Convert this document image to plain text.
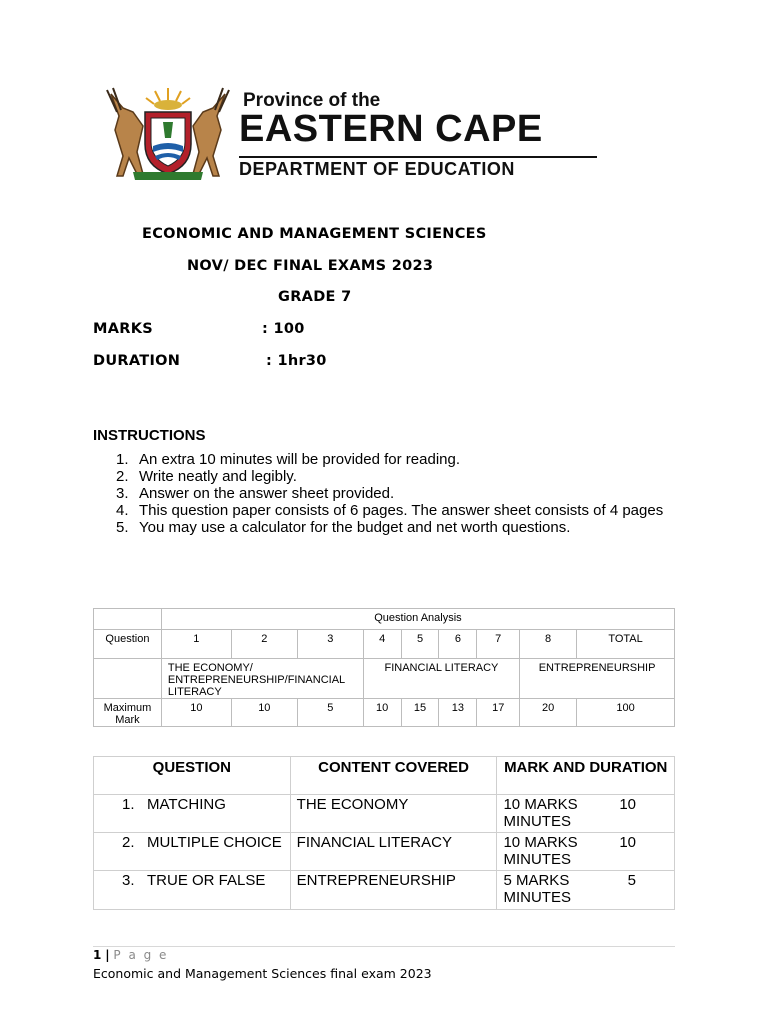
Province of the
EASTERN CAPE
DEPARTMENT OF EDUCATION
ECONOMIC AND MANAGEMENT SCIENCES
NOV/ DEC FINAL EXAMS 2023
GRADE 7
MARKS	: 100
DURATION	: 1hr30
INSTRUCTIONS
1. An extra 10 minutes will be provided for reading.
2. Write neatly and legibly.
3. Answer on the answer sheet provided.
4. This question paper consists of 6 pages. The answer sheet consists of 4 pages
5. You may use a calculator for the budget and net worth questions.
	Question Analysis								
Question	1	2	3	4	5	6	7	8	TOTAL
	THE ECONOMY/ ENTREPRENEURSHIP/FINANCIAL LITERACY			FINANCIAL LITERACY				ENTREPRENEURSHIP	
Maximum Mark	10	10	5	10	15	13	17	20	100
QUESTION	CONTENT COVERED	MARK AND DURATION

1. MATCHING	THE ECONOMY	10 MARKS 10

MINUTES

2. MULTIPLE CHOICE	FINANCIAL LITERACY	10 MARKS 10

MINUTES

3. TRUE OR FALSE	ENTREPRENEURSHIP	5 MARKS 5

MINUTES
1 | P a g e
Economic and Management Sciences final exam 2023
